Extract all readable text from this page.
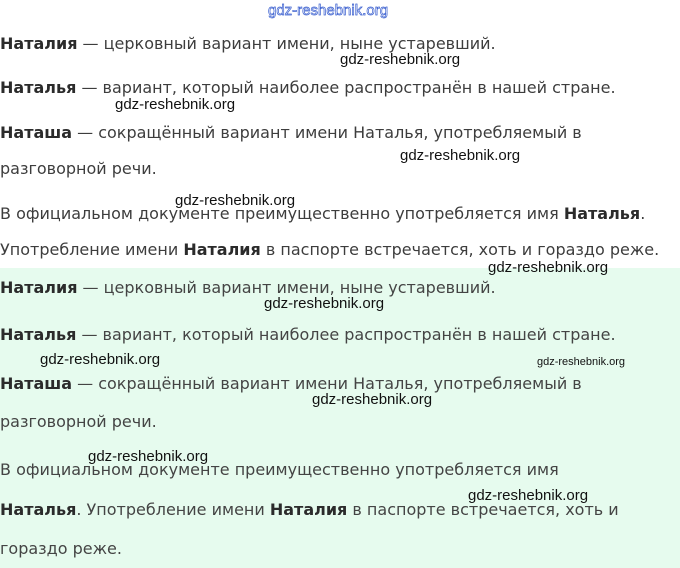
Наталия — церковный вариант имени, ныне устаревший.
Наталья — вариант, который наиболее распространён в нашей стране.
Наташа — сокращённый вариант имени Наталья, употребляемый в
разговорной речи.
В официальном документе преимущественно употребляется имя Наталья.
Употребление имени Наталия в паспорте встречается, хоть и гораздо реже.
Наталия — церковный вариант имени, ныне устаревший.
Наталья — вариант, который наиболее распространён в нашей стране.
Наташа — сокращённый вариант имени Наталья, употребляемый в
разговорной речи.
В официальном документе преимущественно употребляется имя
Наталья. Употребление имени Наталия в паспорте встречается, хоть и
гораздо реже.
gdz-reshebnik.org
gdz-reshebnik.org
gdz-reshebnik.org
gdz-reshebnik.org
gdz-reshebnik.org
gdz-reshebnik.org
gdz-reshebnik.org
gdz-reshebnik.org	gdz-reshebnik.org
gdz-reshebnik.org
gdz-reshebnik.org
gdz-reshebnik.org
